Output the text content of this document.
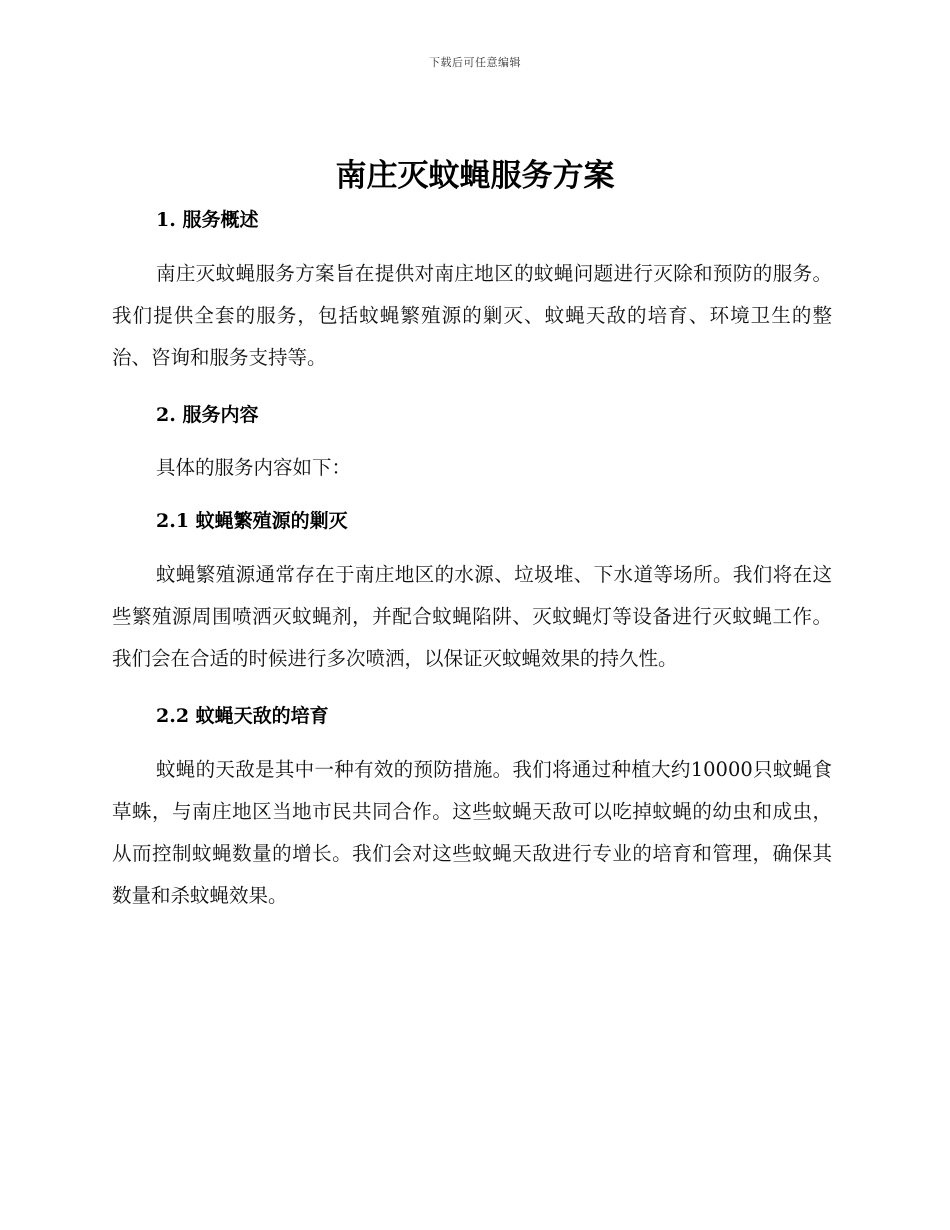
下载后可任意编辑
南庄灭蚊蝇服务方案
1. 服务概述

南庄灭蚊蝇服务方案旨在提供对南庄地区的蚊蝇问题进行灭除和预防的服务。我们提供全套的服务，包括蚊蝇繁殖源的剿灭、蚊蝇天敌的培育、环境卫生的整治、咨询和服务支持等。

2. 服务内容

具体的服务内容如下：

2.1 蚊蝇繁殖源的剿灭

蚊蝇繁殖源通常存在于南庄地区的水源、垃圾堆、下水道等场所。我们将在这些繁殖源周围喷洒灭蚊蝇剂，并配合蚊蝇陷阱、灭蚊蝇灯等设备进行灭蚊蝇工作。我们会在合适的时候进行多次喷洒，以保证灭蚊蝇效果的持久性。

2.2 蚊蝇天敌的培育

蚊蝇的天敌是其中一种有效的预防措施。我们将通过种植大约10000只蚊蝇食草蛛，与南庄地区当地市民共同合作。这些蚊蝇天敌可以吃掉蚊蝇的幼虫和成虫，从而控制蚊蝇数量的增长。我们会对这些蚊蝇天敌进行专业的培育和管理，确保其数量和杀蚊蝇效果。
